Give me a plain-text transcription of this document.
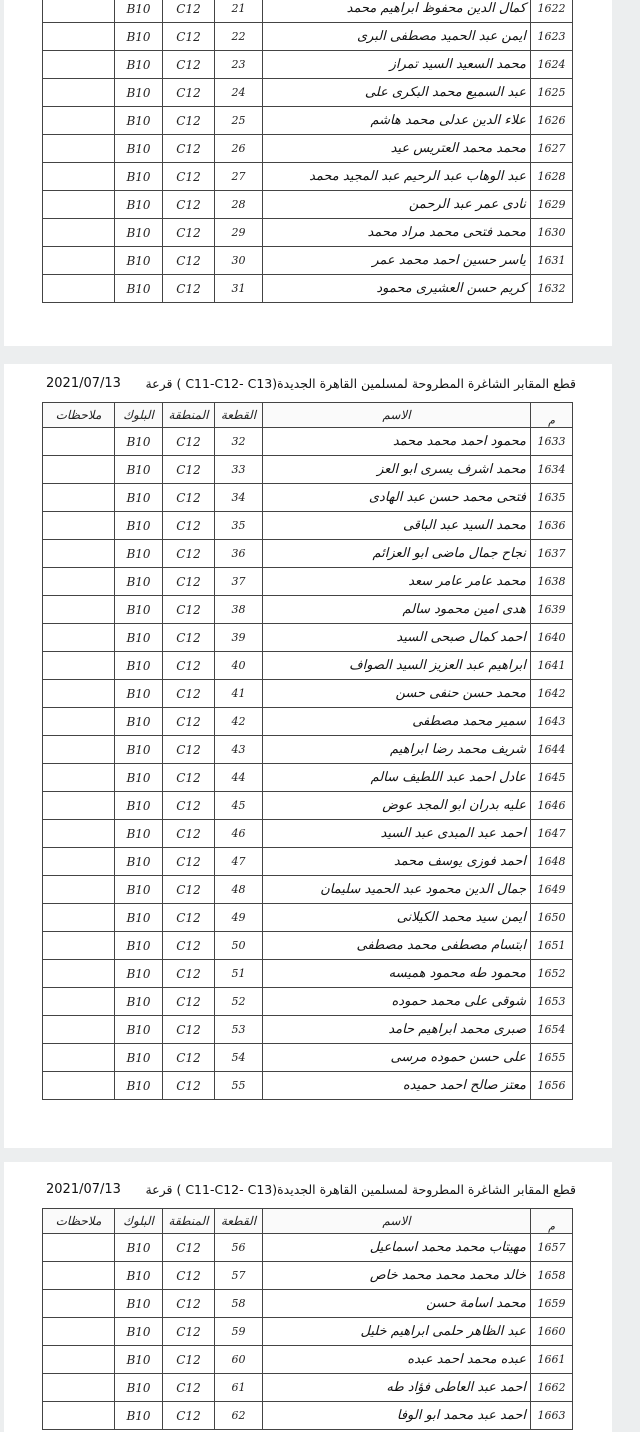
1622	كمال الدين محفوظ ابراهيم محمد	21	C12	B10	
1623	ايمن عبد الحميد مصطفى البرى	22	C12	B10	
1624	محمد السعيد السيد تمراز	23	C12	B10	
1625	عبد السميع محمد البكرى على	24	C12	B10	
1626	علاء الدين عدلى محمد هاشم	25	C12	B10	
1627	محمد محمد العتريس عيد	26	C12	B10	
1628	عبد الوهاب عبد الرحيم عبد المجيد محمد	27	C12	B10	
1629	نادى عمر عبد الرحمن	28	C12	B10	
1630	محمد فتحى محمد مراد محمد	29	C12	B10	
1631	ياسر حسين احمد محمد عمر	30	C12	B10	
1632	كريم حسن العشيرى محمود	31	C12	B10	
قطع المقابر الشاغرة المطروحة لمسلمين القاهرة الجديدة(C11-C12- C13 ) قرعة
2021/07/13
م	الاسم	القطعة	المنطقة	البلوك	ملاحظات
1633	محمود احمد محمد محمد	32	C12	B10	
1634	محمد اشرف يسرى ابو العز	33	C12	B10	
1635	فتحى محمد حسن عبد الهادى	34	C12	B10	
1636	محمد السيد عبد الباقى	35	C12	B10	
1637	نجاح جمال ماضى ابو العزائم	36	C12	B10	
1638	محمد عامر عامر سعد	37	C12	B10	
1639	هدى امين محمود سالم	38	C12	B10	
1640	احمد كمال صبحى السيد	39	C12	B10	
1641	ابراهيم عبد العزيز السيد الصواف	40	C12	B10	
1642	محمد حسن حنفى حسن	41	C12	B10	
1643	سمير محمد مصطفى	42	C12	B10	
1644	شريف محمد رضا ابراهيم	43	C12	B10	
1645	عادل احمد عبد اللطيف سالم	44	C12	B10	
1646	عليه بدران ابو المجد عوض	45	C12	B10	
1647	احمد عبد المبدى عبد السيد	46	C12	B10	
1648	احمد فوزى يوسف محمد	47	C12	B10	
1649	جمال الدين محمود عبد الحميد سليمان	48	C12	B10	
1650	ايمن سيد محمد الكيلانى	49	C12	B10	
1651	ابتسام مصطفى محمد مصطفى	50	C12	B10	
1652	محمود طه محمود هميسه	51	C12	B10	
1653	شوقى على محمد حموده	52	C12	B10	
1654	صبرى محمد ابراهيم حامد	53	C12	B10	
1655	على حسن حموده مرسى	54	C12	B10	
1656	معتز صالح احمد حميده	55	C12	B10	
قطع المقابر الشاغرة المطروحة لمسلمين القاهرة الجديدة(C11-C12- C13 ) قرعة
2021/07/13
م	الاسم	القطعة	المنطقة	البلوك	ملاحظات
1657	مهيتاب محمد محمد اسماعيل	56	C12	B10	
1658	خالد محمد محمد محمد خاص	57	C12	B10	
1659	محمد اسامة حسن	58	C12	B10	
1660	عبد الظاهر حلمى ابراهيم خليل	59	C12	B10	
1661	عبده محمد احمد عبده	60	C12	B10	
1662	احمد عبد العاطى فؤاد طه	61	C12	B10	
1663	احمد عبد محمد ابو الوفا	62	C12	B10	
